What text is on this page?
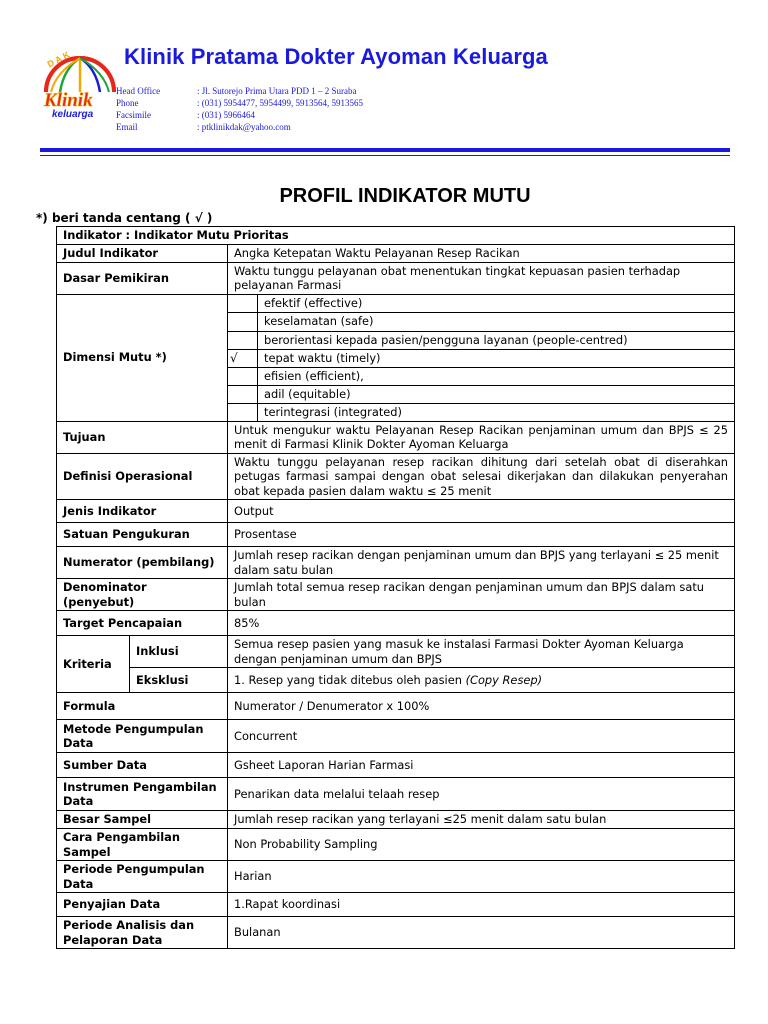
D A K
Klinik
keluarga
Klinik Pratama Dokter Ayoman Keluarga
Head Office	: Jl. Sutorejo Prima Utara PDD 1 – 2 Suraba
Phone	: (031) 5954477, 5954499, 5913564, 5913565
Facsimile	: (031) 5966464
Email	: ptklinikdak@yahoo.com
PROFIL INDIKATOR MUTU
*) beri tanda centang ( √ )
Indikator : Indikator Mutu Prioritas			
Judul Indikator		Angka Ketepatan Waktu Pelayanan Resep Racikan	
Dasar Pemikiran		Waktu tunggu pelayanan obat menentukan tingkat kepuasan pasien terhadap pelayanan Farmasi	
Dimensi Mutu *)			efektif (effective)
			keselamatan (safe)
			berorientasi kepada pasien/pengguna layanan (people-centred)
		√	tepat waktu (timely)
			efisien (efficient),
			adil (equitable)
			terintegrasi (integrated)
Tujuan		Untuk mengukur waktu Pelayanan Resep Racikan penjaminan umum dan BPJS ≤ 25 menit di Farmasi Klinik Dokter Ayoman Keluarga	
Definisi Operasional		Waktu tunggu pelayanan resep racikan dihitung dari setelah obat di diserahkan petugas farmasi sampai dengan obat selesai dikerjakan dan dilakukan penyerahan obat kepada pasien dalam waktu ≤ 25 menit	
Jenis Indikator		Output	
Satuan Pengukuran		Prosentase	
Numerator (pembilang)		Jumlah resep racikan dengan penjaminan umum dan BPJS yang terlayani ≤ 25 menit dalam satu bulan	
Denominator (penyebut)		Jumlah total semua resep racikan dengan penjaminan umum dan BPJS dalam satu bulan	
Target Pencapaian		85%	
Kriteria	Inklusi	Semua resep pasien yang masuk ke instalasi Farmasi Dokter Ayoman Keluarga dengan penjaminan umum dan BPJS	
	Eksklusi	1. Resep yang tidak ditebus oleh pasien (Copy Resep)	
Formula		Numerator / Denumerator x 100%	
Metode Pengumpulan Data		Concurrent	
Sumber Data		Gsheet Laporan Harian Farmasi	
Instrumen Pengambilan Data		Penarikan data melalui telaah resep	
Besar Sampel		Jumlah resep racikan yang terlayani ≤25 menit dalam satu bulan	
Cara Pengambilan Sampel		Non Probability Sampling	
Periode Pengumpulan Data		Harian	
Penyajian Data		1.Rapat koordinasi	
Periode Analisis dan Pelaporan Data		Bulanan	
